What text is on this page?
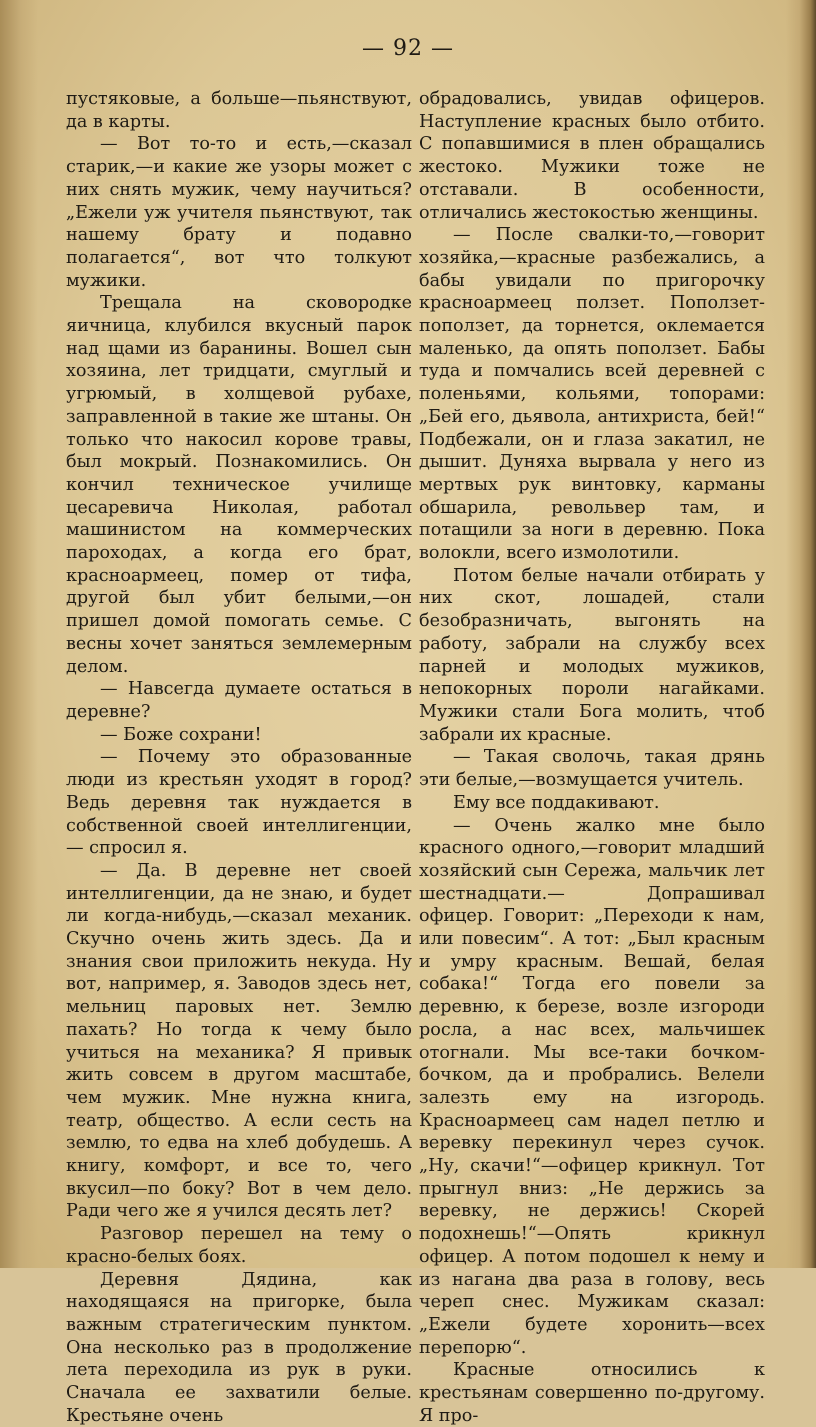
— 92 —

пустяковые, а больше—пьянствуют, да в карты.

— Вот то-то и есть,—сказал старик,—и какие же узоры может с них снять мужик, чему научиться? „Ежели уж учителя пьянствуют, так нашему брату и подавно полагается“, вот что толкуют мужики.

Трещала на сковородке яичница, клубился вкусный парок над щами из баранины. Вошел сын хозяина, лет тридцати, смуглый и угрюмый, в холщевой рубахе, заправленной в такие же штаны. Он только что накосил корове травы, был мокрый. Познакомились. Он кончил техническое училище цесаревича Николая, работал машинистом на коммерческих пароходах, а когда его брат, красноармеец, помер от тифа, другой был убит белыми,—он пришел домой помогать семье. С весны хочет заняться землемерным делом.

— Навсегда думаете остаться в деревне?

— Боже сохрани!

— Почему это образованные люди из крестьян уходят в город? Ведь деревня так нуждается в собственной своей интеллигенции,— спросил я.

— Да. В деревне нет своей интеллигенции, да не знаю, и будет ли когда-нибудь,—сказал механик. Скучно очень жить здесь. Да и знания свои приложить некуда. Ну вот, например, я. Заводов здесь нет, мельниц паровых нет. Землю пахать? Но тогда к чему было учиться на механика? Я привык жить совсем в другом масштабе, чем мужик. Мне нужна книга, театр, общество. А если сесть на землю, то едва на хлеб добудешь. А книгу, комфорт, и все то, чего вкусил—по боку? Вот в чем дело. Ради чего же я учился десять лет?

Разговор перешел на тему о красно-белых боях.

Деревня Дядина, как находящаяся на пригорке, была важным стратегическим пунктом. Она несколько раз в продолжение лета переходила из рук в руки. Сначала ее захватили белые. Крестьяне очень

обрадовались, увидав офицеров. Наступление красных было отбито. С попавшимися в плен обращались жестоко. Мужики тоже не отставали. В особенности, отличались жестокостью женщины.

— После свалки-то,—говорит хозяйка,—красные разбежались, а бабы увидали по пригорочку красноармеец ползет. Поползет-поползет, да торнется, оклемается маленько, да опять поползет. Бабы туда и помчались всей деревней с поленьями, кольями, топорами: „Бей его, дьявола, антихриста, бей!“ Подбежали, он и глаза закатил, не дышит. Дуняха вырвала у него из мертвых рук винтовку, карманы обшарила, револьвер там, и потащили за ноги в деревню. Пока волокли, всего измолотили.

Потом белые начали отбирать у них скот, лошадей, стали безобразничать, выгонять на работу, забрали на службу всех парней и молодых мужиков, непокорных пороли нагайками. Мужики стали Бога молить, чтоб забрали их красные.

— Такая сволочь, такая дрянь эти белые,—возмущается учитель.

Ему все поддакивают.

— Очень жалко мне было красного одного,—говорит младший хозяйский сын Сережа, мальчик лет шестнадцати.— Допрашивал офицер. Говорит: „Переходи к нам, или повесим“. А тот: „Был красным и умру красным. Вешай, белая собака!“ Тогда его повели за деревню, к березе, возле изгороди росла, а нас всех, мальчишек отогнали. Мы все-таки бочком-бочком, да и пробрались. Велели залезть ему на изгородь. Красноармеец сам надел петлю и веревку перекинул через сучок. „Ну, скачи!“—офицер крикнул. Тот прыгнул вниз: „Не держись за веревку, не держись! Скорей подохнешь!“—Опять крикнул офицер. А потом подошел к нему и из нагана два раза в голову, весь череп снес. Мужикам сказал: „Ежели будете хоронить—всех перепорю“.

Красные относились к крестьянам совершенно по-другому. Я про-
